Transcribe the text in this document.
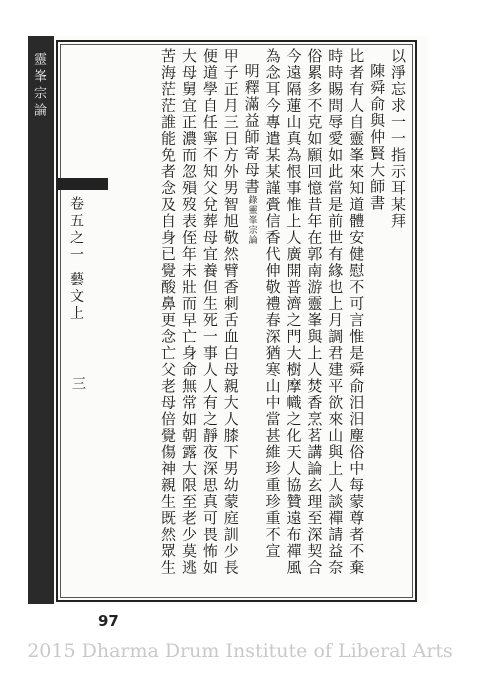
靈峯宗論
卷五之一 藝文上
三
以淨忘求一一指示耳某拜
陳舜俞與仲賢大師書
比者有人自靈峯來知道體安健慰不可言惟是舜俞汨汨塵俗中每蒙尊者不棄
時時賜問辱愛如此當是前世有緣也上月調君建平欲來山與上人談禪請益奈
俗累多不克如願回憶昔年在郭南游靈峯與上人焚香烹茗講論玄理至深契合
今遠隔蓮山真為恨事惟上人廣開普濟之門大樹摩幟之化天人協贊遠布禪風
為念耳今專遣某某謹賫信香代伸敬禮春深猶寒山中當甚維珍重珍重不宣
明釋滿益師寄母書錄靈峯宗論
甲子正月三日方外男智旭敬然臂香刺舌血白母親大人膝下男幼蒙庭訓少長
便道學自任寧不知父兌葬母宜養但生死一事人人有之靜夜深思真可畏怖如
大母舅宜正濃而忽殞歿表侄年未壯而早亡身命無常如朝露大限至老少莫逃
苦海茫茫誰能免者念及自身已覺酸鼻更念亡父老母倍覺傷神親生既然眾生
97
2015 Dharma Drum Institute of Liberal Arts
